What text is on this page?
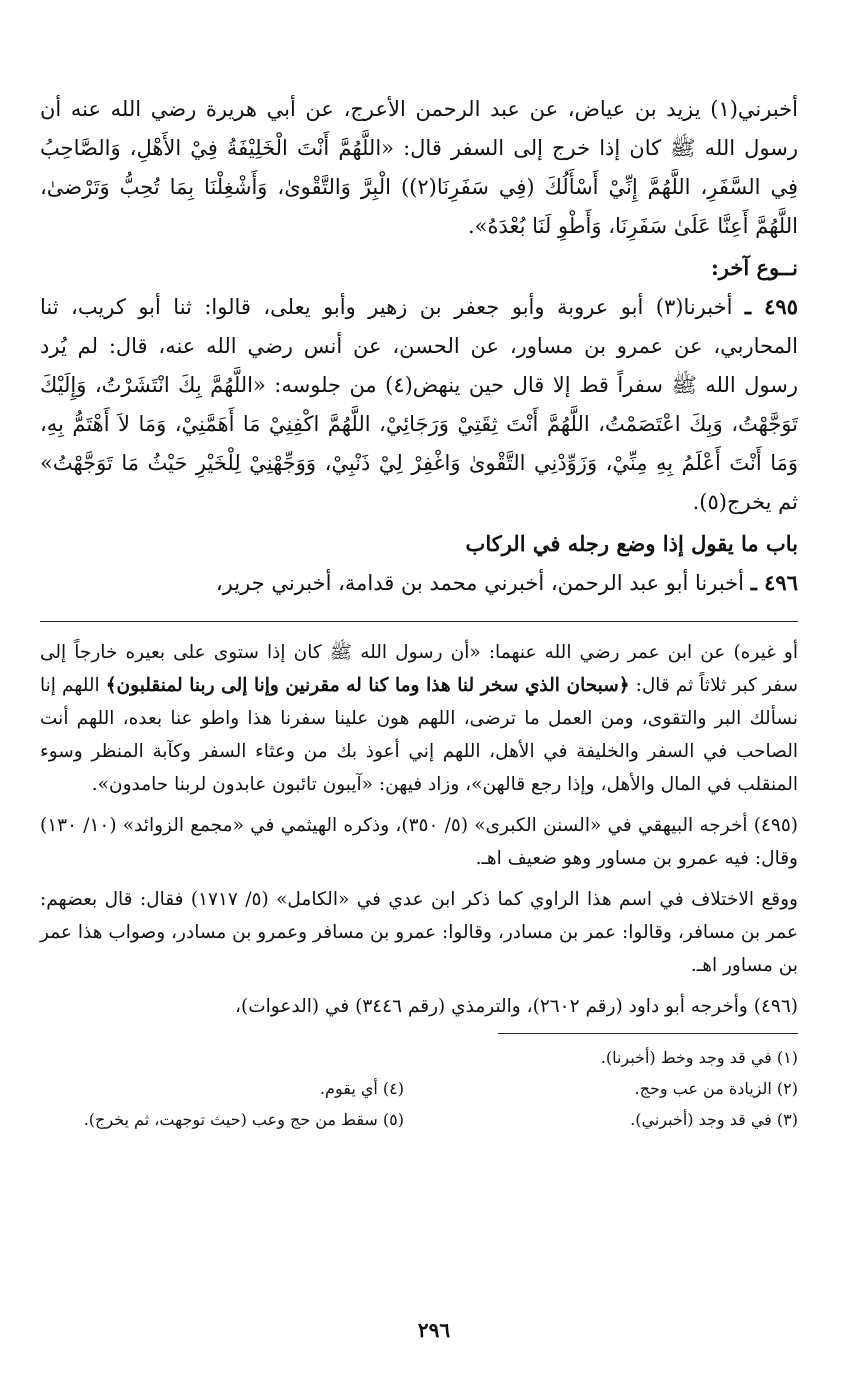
أخبرني(١) يزيد بن عياض، عن عبد الرحمن الأعرج، عن أبي هريرة رضي الله عنه أن رسول الله ﷺ كان إذا خرج إلى السفر قال: «اللَّهُمَّ أَنْتَ الْخَلِيْفَةُ فِيْ الأَهْلِ، وَالصَّاحِبُ فِي السَّفَرِ، اللَّهُمَّ إِنِّيْ أَسْأَلُكَ (فِي سَفَرِنَا(٢)) الْبِرَّ وَالتَّقْوىٰ، وَأَشْغِلْنَا بِمَا تُحِبُّ وَتَرْضىٰ، اللَّهُمَّ أَعِنَّا عَلَىٰ سَفَرِنَا، وَأَطْوِ لَنَا بُعْدَهُ».

نــوع آخر:

٤٩٥ ـ أخبرنا(٣) أبو عروبة وأبو جعفر بن زهير وأبو يعلى، قالوا: ثنا أبو كريب، ثنا المحاربي، عن عمرو بن مساور، عن الحسن، عن أنس رضي الله عنه، قال: لم يُرد رسول الله ﷺ سفراً قط إلا قال حين ينهض(٤) من جلوسه: «اللَّهُمَّ بِكَ انْتَشَرْتُ، وَإِلَيْكَ تَوَجَّهْتُ، وَبِكَ اعْتَصَمْتُ، اللَّهُمَّ أَنْتَ ثِقَتِيْ وَرَجَائِيْ، اللَّهُمَّ اكْفِنِيْ مَا أَهَمَّنِيْ، وَمَا لاَ أَهْتَمُّ بِهِ، وَمَا أَنْتَ أَعْلَمُ بِهِ مِنِّيْ، وَزَوِّدْنِي التَّقْوىٰ وَاغْفِرْ لِيْ ذَنْبِيْ، وَوَجِّهْنِيْ لِلْخَيْرِ حَيْثُ مَا تَوَجَّهْتُ» ثم يخرج(٥).

باب ما يقول إذا وضع رجله في الركاب

٤٩٦ ـ أخبرنا أبو عبد الرحمن، أخبرني محمد بن قدامة، أخبرني جرير،

أو غيره) عن ابن عمر رضي الله عنهما: «أن رسول الله ﷺ كان إذا ستوى على بعيره خارجاً إلى سفر كبر ثلاثاً ثم قال: ﴿سبحان الذي سخر لنا هذا وما كنا له مقرنين وإنا إلى ربنا لمنقلبون﴾ اللهم إنا نسألك البر والتقوى، ومن العمل ما ترضى، اللهم هون علينا سفرنا هذا واطو عنا بعده، اللهم أنت الصاحب في السفر والخليفة في الأهل، اللهم إني أعوذ بك من وعثاء السفر وكآبة المنظر وسوء المنقلب في المال والأهل، وإذا رجع قالهن»، وزاد فيهن: «آيبون تائبون عابدون لربنا حامدون».

(٤٩٥) أخرجه البيهقي في «السنن الكبرى» (٥/ ٣٥٠)، وذكره الهيثمي في «مجمع الزوائد» (١٠/ ١٣٠) وقال: فيه عمرو بن مساور وهو ضعيف اهـ.

ووقع الاختلاف في اسم هذا الراوي كما ذكر ابن عدي في «الكامل» (٥/ ١٧١٧) فقال: قال بعضهم: عمر بن مسافر، وقالوا: عمر بن مسادر، وقالوا: عمرو بن مسافر وعمرو بن مسادر، وصواب هذا عمر بن مساور اهـ.

(٤٩٦) وأخرجه أبو داود (رقم ٢٦٠٢)، والترمذي (رقم ٣٤٤٦) في (الدعوات)،

(١) في قد وجد وخط (أخبرنا).
(٢) الزيادة من عب وحج.
(٤) أي يقوم.
(٣) في قد وجد (أخبرني).
(٥) سقط من حج وعب (حيث توجهت، ثم يخرج).
٢٩٦
